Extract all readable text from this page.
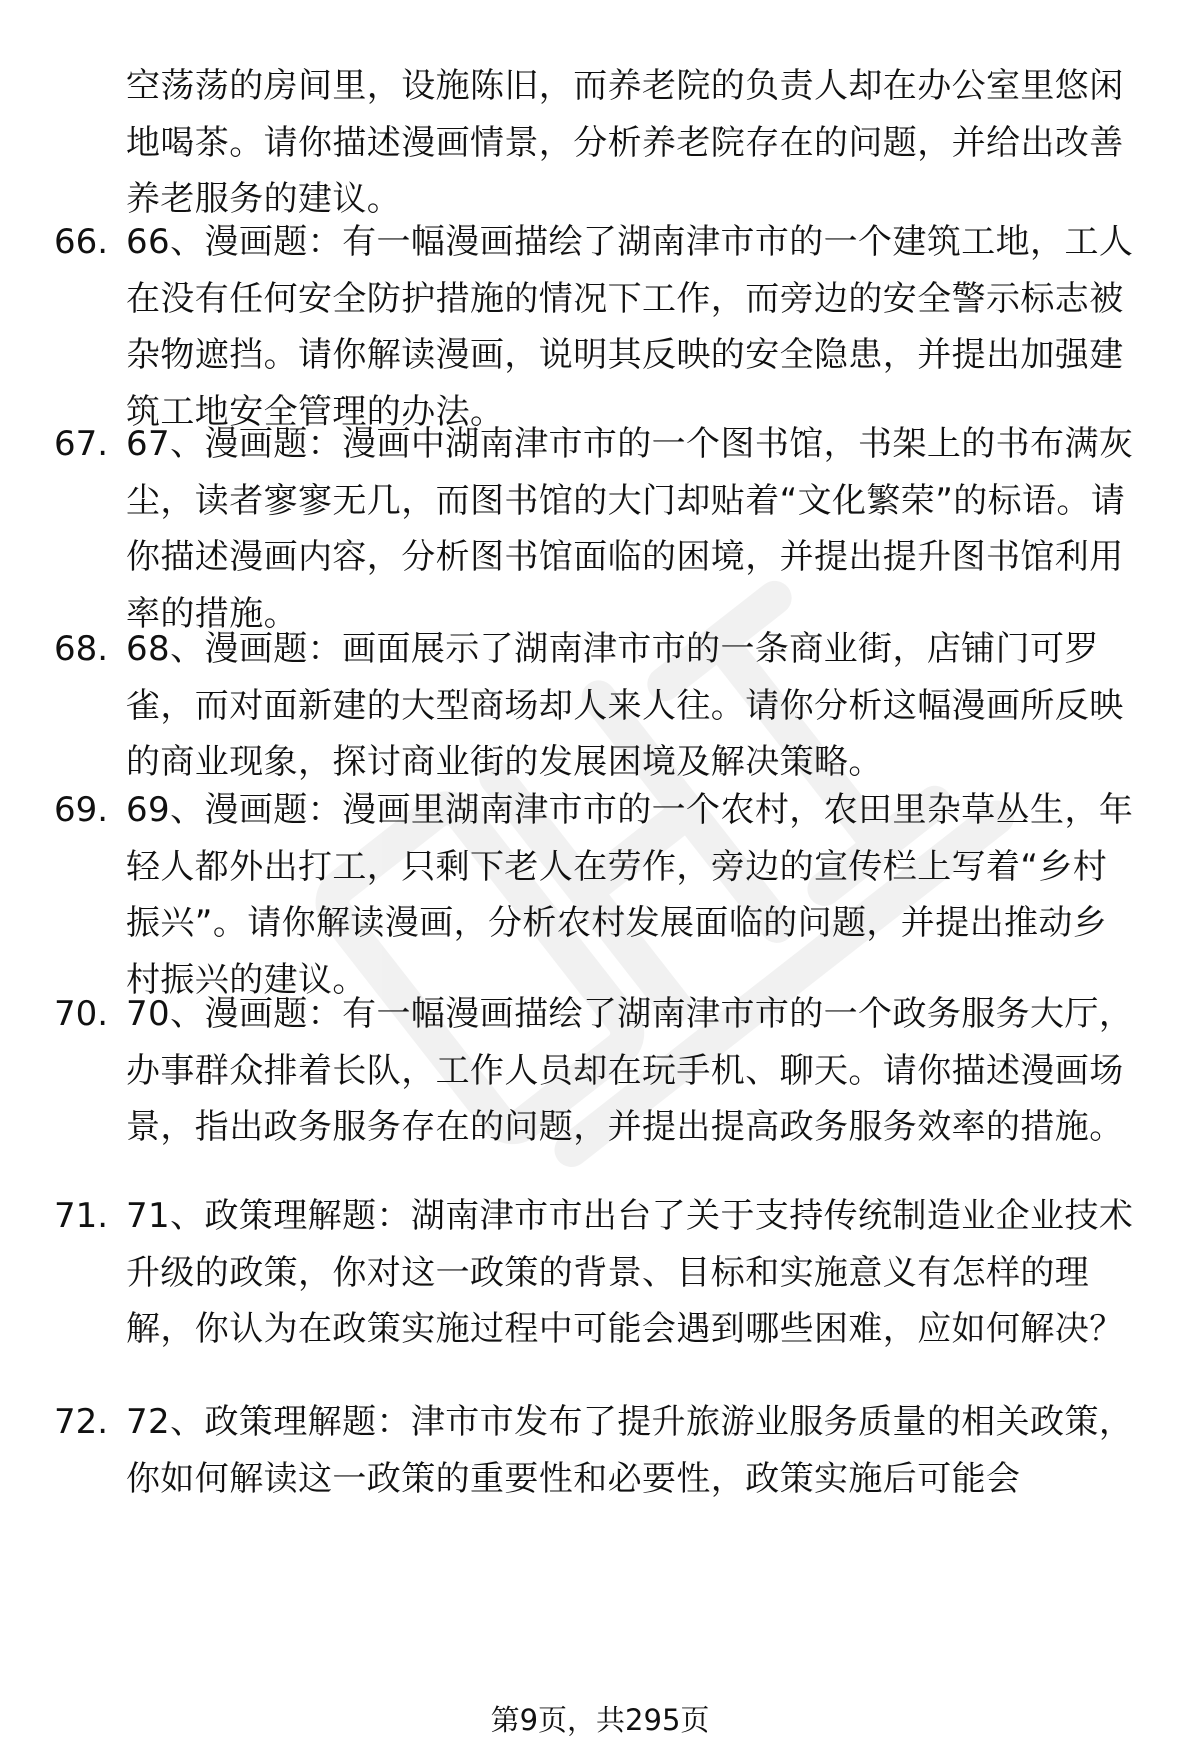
空荡荡的房间里，设施陈旧，而养老院的负责人却在办公室里悠闲地喝茶。请你描述漫画情景，分析养老院存在的问题，并给出改善养老服务的建议。
66. 66、漫画题：有一幅漫画描绘了湖南津市市的一个建筑工地，工人在没有任何安全防护措施的情况下工作，而旁边的安全警示标志被杂物遮挡。请你解读漫画，说明其反映的安全隐患，并提出加强建筑工地安全管理的办法。
67. 67、漫画题：漫画中湖南津市市的一个图书馆，书架上的书布满灰尘，读者寥寥无几，而图书馆的大门却贴着“文化繁荣”的标语。请你描述漫画内容，分析图书馆面临的困境，并提出提升图书馆利用率的措施。
68. 68、漫画题：画面展示了湖南津市市的一条商业街，店铺门可罗雀，而对面新建的大型商场却人来人往。请你分析这幅漫画所反映的商业现象，探讨商业街的发展困境及解决策略。
69. 69、漫画题：漫画里湖南津市市的一个农村，农田里杂草丛生，年轻人都外出打工，只剩下老人在劳作，旁边的宣传栏上写着“乡村振兴”。请你解读漫画，分析农村发展面临的问题，并提出推动乡村振兴的建议。
70. 70、漫画题：有一幅漫画描绘了湖南津市市的一个政务服务大厅，办事群众排着长队，工作人员却在玩手机、聊天。请你描述漫画场景，指出政务服务存在的问题，并提出提高政务服务效率的措施。
71. 71、政策理解题：湖南津市市出台了关于支持传统制造业企业技术升级的政策，你对这一政策的背景、目标和实施意义有怎样的理解，你认为在政策实施过程中可能会遇到哪些困难，应如何解决？
72. 72、政策理解题：津市市发布了提升旅游业服务质量的相关政策，你如何解读这一政策的重要性和必要性，政策实施后可能会
第9页，共295页
